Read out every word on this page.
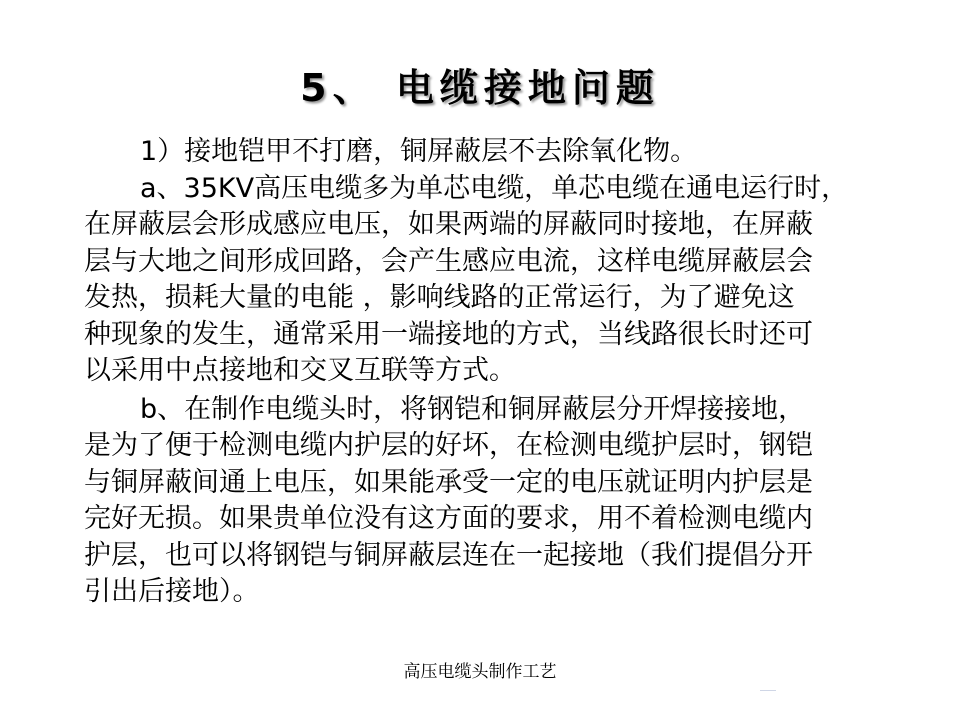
5、 电缆接地问题
1）接地铠甲不打磨，铜屏蔽层不去除氧化物。
a、35KV高压电缆多为单芯电缆，单芯电缆在通电运行时，
在屏蔽层会形成感应电压，如果两端的屏蔽同时接地，在屏蔽
层与大地之间形成回路，会产生感应电流，这样电缆屏蔽层会
发热，损耗大量的电能 ，影响线路的正常运行，为了避免这
种现象的发生，通常采用一端接地的方式，当线路很长时还可
以采用中点接地和交叉互联等方式。
b、在制作电缆头时，将钢铠和铜屏蔽层分开焊接接地，
是为了便于检测电缆内护层的好坏，在检测电缆护层时，钢铠
与铜屏蔽间通上电压，如果能承受一定的电压就证明内护层是
完好无损。如果贵单位没有这方面的要求，用不着检测电缆内
护层，也可以将钢铠与铜屏蔽层连在一起接地（我们提倡分开
引出后接地）。
高压电缆头制作工艺
